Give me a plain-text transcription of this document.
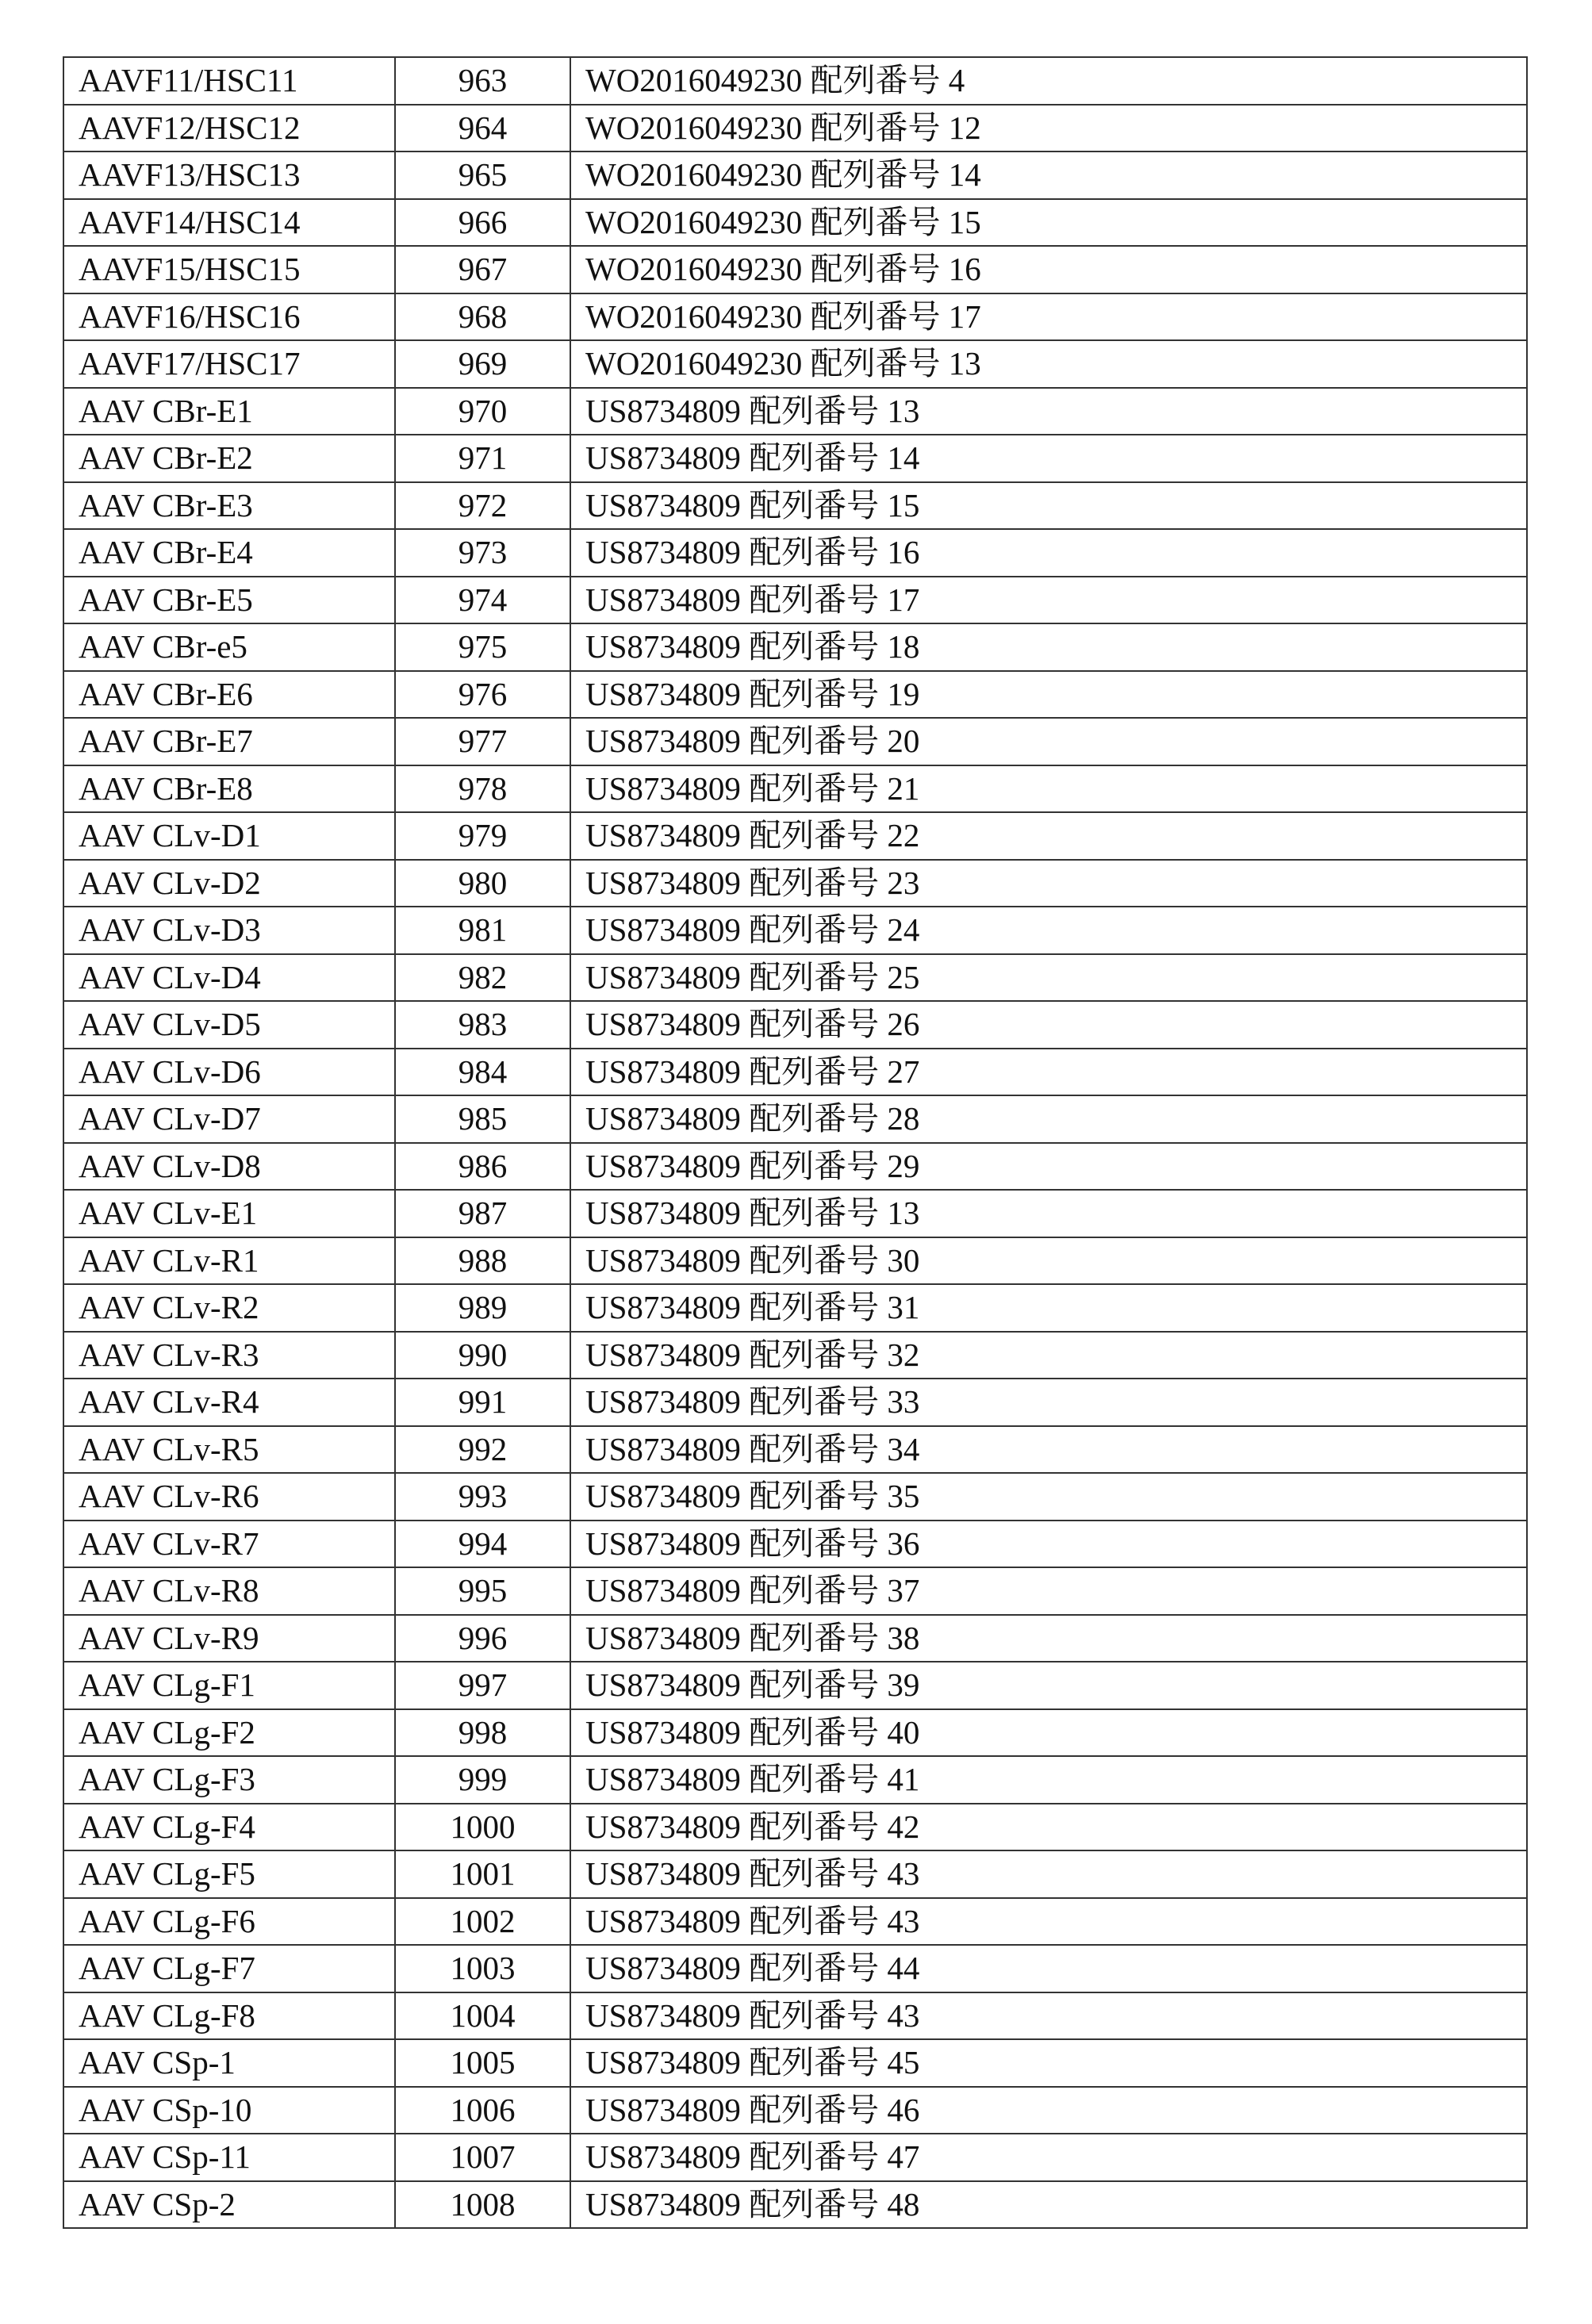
AAVF11/HSC11	963	WO2016049230 配列番号 4
AAVF12/HSC12	964	WO2016049230 配列番号 12
AAVF13/HSC13	965	WO2016049230 配列番号 14
AAVF14/HSC14	966	WO2016049230 配列番号 15
AAVF15/HSC15	967	WO2016049230 配列番号 16
AAVF16/HSC16	968	WO2016049230 配列番号 17
AAVF17/HSC17	969	WO2016049230 配列番号 13
AAV CBr-E1	970	US8734809 配列番号 13
AAV CBr-E2	971	US8734809 配列番号 14
AAV CBr-E3	972	US8734809 配列番号 15
AAV CBr-E4	973	US8734809 配列番号 16
AAV CBr-E5	974	US8734809 配列番号 17
AAV CBr-e5	975	US8734809 配列番号 18
AAV CBr-E6	976	US8734809 配列番号 19
AAV CBr-E7	977	US8734809 配列番号 20
AAV CBr-E8	978	US8734809 配列番号 21
AAV CLv-D1	979	US8734809 配列番号 22
AAV CLv-D2	980	US8734809 配列番号 23
AAV CLv-D3	981	US8734809 配列番号 24
AAV CLv-D4	982	US8734809 配列番号 25
AAV CLv-D5	983	US8734809 配列番号 26
AAV CLv-D6	984	US8734809 配列番号 27
AAV CLv-D7	985	US8734809 配列番号 28
AAV CLv-D8	986	US8734809 配列番号 29
AAV CLv-E1	987	US8734809 配列番号 13
AAV CLv-R1	988	US8734809 配列番号 30
AAV CLv-R2	989	US8734809 配列番号 31
AAV CLv-R3	990	US8734809 配列番号 32
AAV CLv-R4	991	US8734809 配列番号 33
AAV CLv-R5	992	US8734809 配列番号 34
AAV CLv-R6	993	US8734809 配列番号 35
AAV CLv-R7	994	US8734809 配列番号 36
AAV CLv-R8	995	US8734809 配列番号 37
AAV CLv-R9	996	US8734809 配列番号 38
AAV CLg-F1	997	US8734809 配列番号 39
AAV CLg-F2	998	US8734809 配列番号 40
AAV CLg-F3	999	US8734809 配列番号 41
AAV CLg-F4	1000	US8734809 配列番号 42
AAV CLg-F5	1001	US8734809 配列番号 43
AAV CLg-F6	1002	US8734809 配列番号 43
AAV CLg-F7	1003	US8734809 配列番号 44
AAV CLg-F8	1004	US8734809 配列番号 43
AAV CSp-1	1005	US8734809 配列番号 45
AAV CSp-10	1006	US8734809 配列番号 46
AAV CSp-11	1007	US8734809 配列番号 47
AAV CSp-2	1008	US8734809 配列番号 48
